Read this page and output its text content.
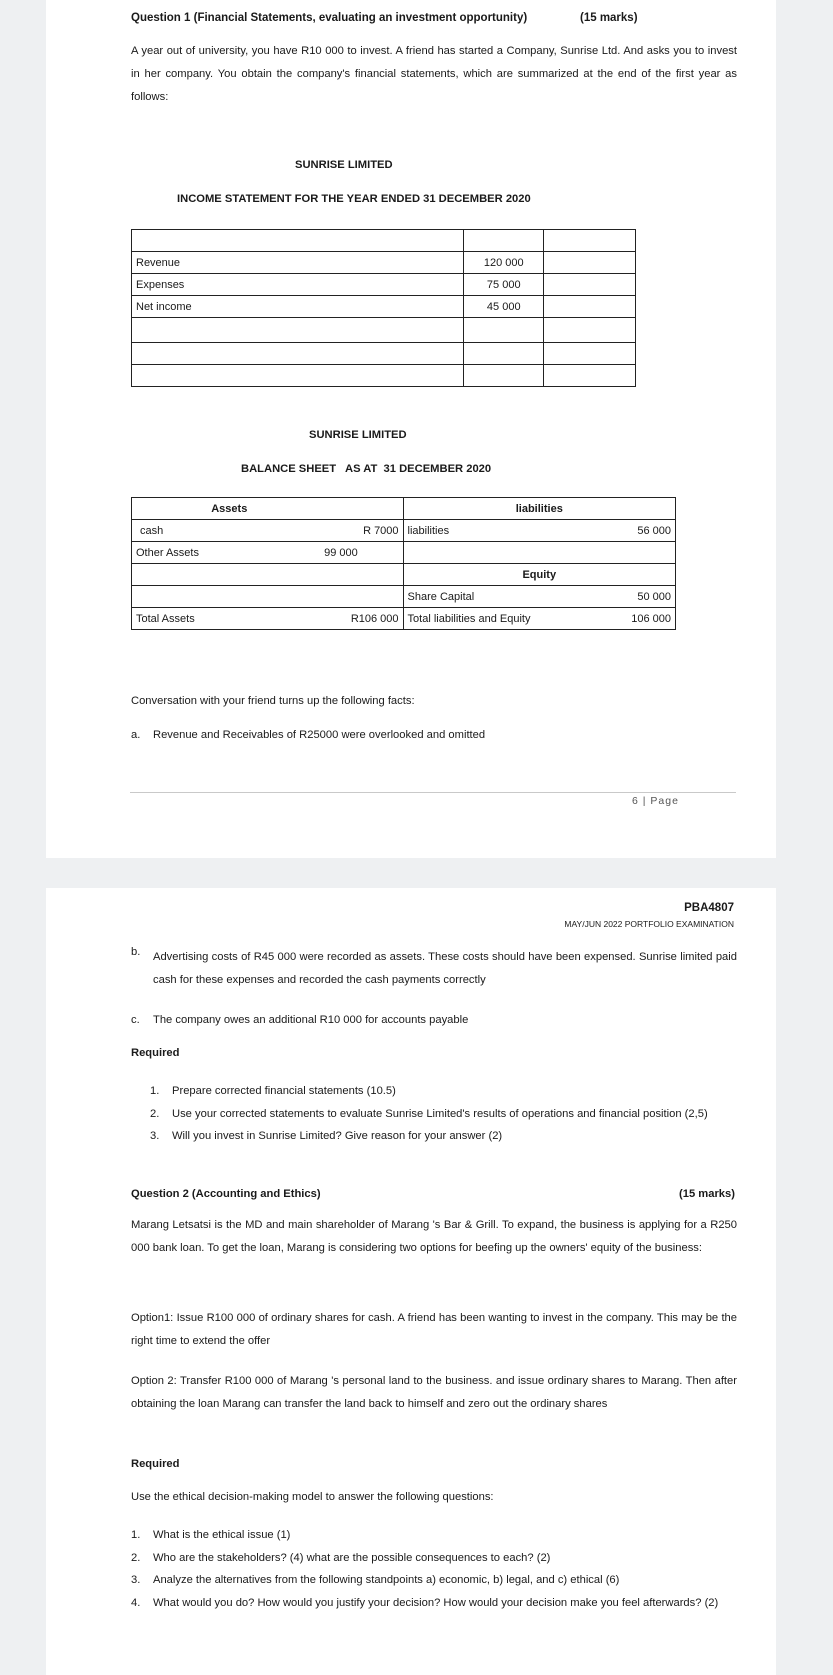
Question 1 (Financial Statements, evaluating an investment opportunity)	(15 marks)

A year out of university, you have R10 000 to invest. A friend has started a Company, Sunrise Ltd. And asks you to invest in her company. You obtain the company's financial statements, which are summarized at the end of the first year as follows:

SUNRISE LIMITED
INCOME STATEMENT FOR THE YEAR ENDED 31 DECEMBER 2020

Revenue	120 000	
Expenses	75 000	
Net income	45 000	

SUNRISE LIMITED
BALANCE SHEET   AS AT  31 DECEMBER 2020
Assets		liabilities	
cash	R 7000	liabilities	56 000
Other Assets	99 000		
		Equity	
		Share Capital	50 000
Total Assets	R106 000	Total liabilities and Equity	106 000
Conversation with your friend turns up the following facts:
a. Revenue and Receivables of R25000 were overlooked and omitted
6 | Page
PBA4807
MAY/JUN 2022 PORTFOLIO EXAMINATION
b. Advertising costs of R45 000 were recorded as assets. These costs should have been expensed. Sunrise limited paid cash for these expenses and recorded the cash payments correctly

c. The company owes an additional R10 000 for accounts payable
Required
1. Prepare corrected financial statements (10.5)
2. Use your corrected statements to evaluate Sunrise Limited's results of operations and financial position (2,5)
3. Will you invest in Sunrise Limited? Give reason for your answer (2)
Question 2 (Accounting and Ethics)	(15 marks)

Marang Letsatsi is the MD and main shareholder of Marang 's Bar & Grill. To expand, the business is applying for a R250 000 bank loan. To get the loan, Marang is considering two options for beefing up the owners' equity of the business:

Option1: Issue R100 000 of ordinary shares for cash. A friend has been wanting to invest in the company. This may be the right time to extend the offer

Option 2: Transfer R100 000 of Marang 's personal land to the business. and issue ordinary shares to Marang. Then after obtaining the loan Marang can transfer the land back to himself and zero out the ordinary shares

Required
Use the ethical decision-making model to answer the following questions:
1. What is the ethical issue (1)
2. Who are the stakeholders? (4) what are the possible consequences to each? (2)
3. Analyze the alternatives from the following standpoints a) economic, b) legal, and c) ethical (6)
4. What would you do? How would you justify your decision? How would your decision make you feel afterwards? (2)
